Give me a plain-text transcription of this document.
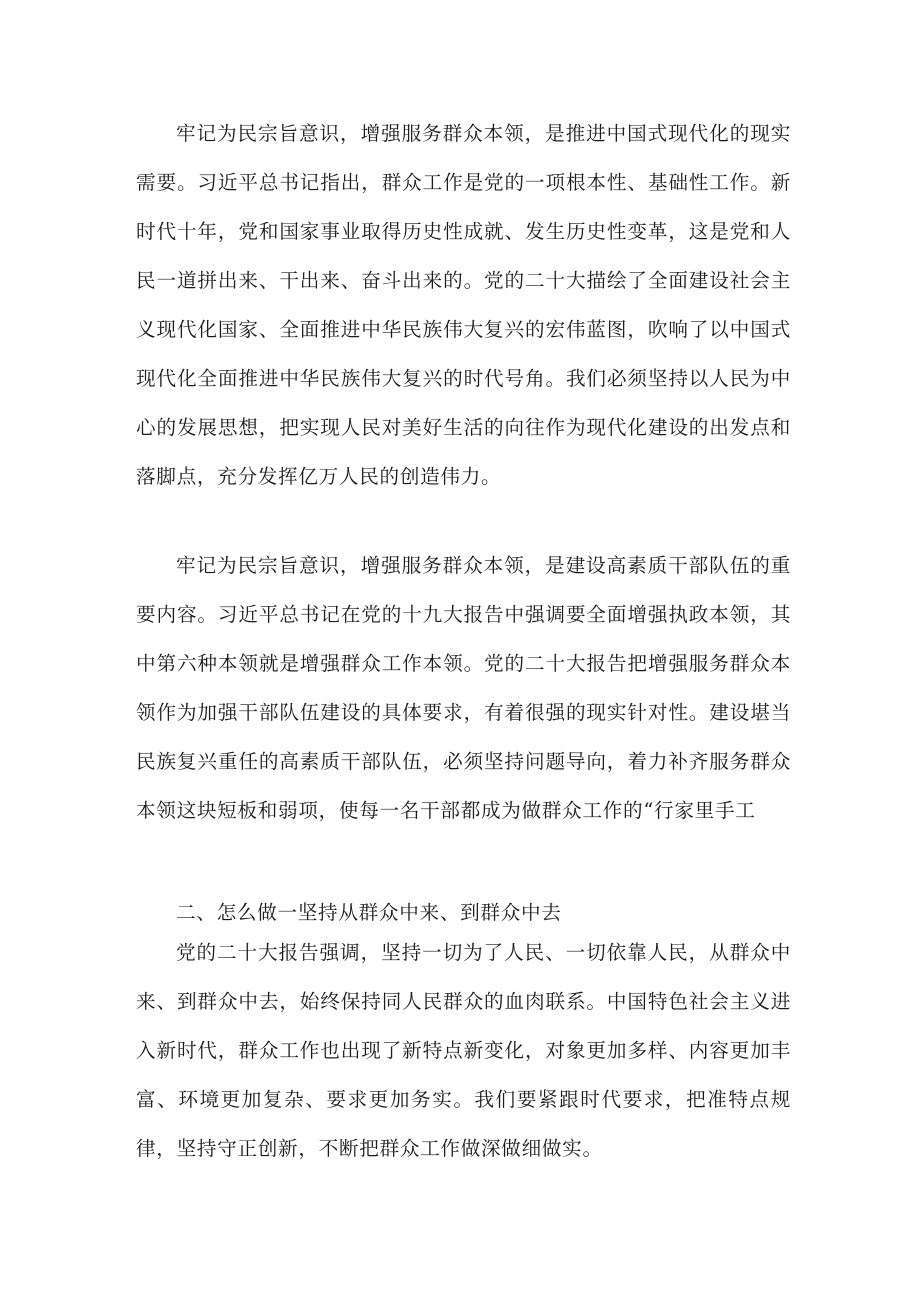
牢记为民宗旨意识，增强服务群众本领，是推进中国式现代化的现实需要。习近平总书记指出，群众工作是党的一项根本性、基础性工作。新时代十年，党和国家事业取得历史性成就、发生历史性变革，这是党和人民一道拼出来、干出来、奋斗出来的。党的二十大描绘了全面建设社会主义现代化国家、全面推进中华民族伟大复兴的宏伟蓝图，吹响了以中国式现代化全面推进中华民族伟大复兴的时代号角。我们必须坚持以人民为中心的发展思想，把实现人民对美好生活的向往作为现代化建设的出发点和落脚点，充分发挥亿万人民的创造伟力。

牢记为民宗旨意识，增强服务群众本领，是建设高素质干部队伍的重要内容。习近平总书记在党的十九大报告中强调要全面增强执政本领，其中第六种本领就是增强群众工作本领。党的二十大报告把增强服务群众本领作为加强干部队伍建设的具体要求，有着很强的现实针对性。建设堪当民族复兴重任的高素质干部队伍，必须坚持问题导向，着力补齐服务群众本领这块短板和弱项，使每一名干部都成为做群众工作的“行家里手工

二、怎么做一坚持从群众中来、到群众中去

党的二十大报告强调，坚持一切为了人民、一切依靠人民，从群众中来、到群众中去，始终保持同人民群众的血肉联系。中国特色社会主义进入新时代，群众工作也出现了新特点新变化，对象更加多样、内容更加丰富、环境更加复杂、要求更加务实。我们要紧跟时代要求，把准特点规律，坚持守正创新，不断把群众工作做深做细做实。
